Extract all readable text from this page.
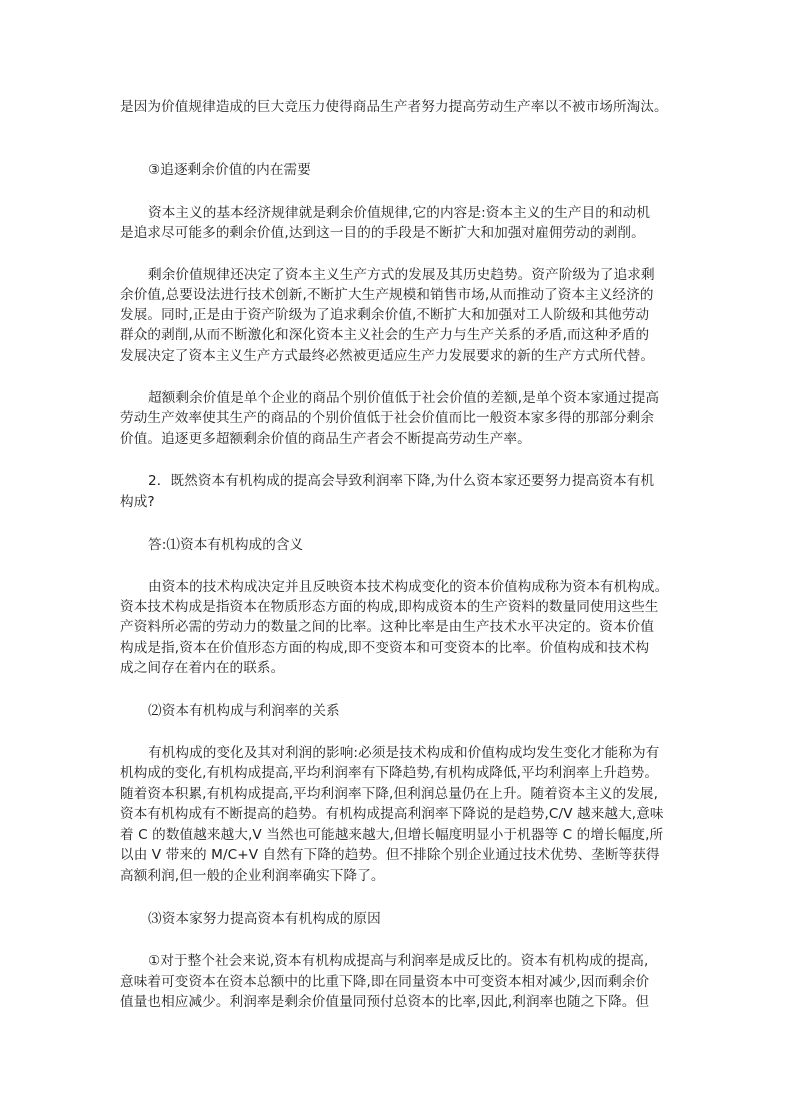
是因为价值规律造成的巨大竞压力使得商品生产者努力提高劳动生产率以不被市场所淘汰。
③追逐剩余价值的内在需要
资本主义的基本经济规律就是剩余价值规律,它的内容是:资本主义的生产目的和动机
是追求尽可能多的剩余价值,达到这一目的的手段是不断扩大和加强对雇佣劳动的剥削。
剩余价值规律还决定了资本主义生产方式的发展及其历史趋势。资产阶级为了追求剩
余价值,总要设法进行技术创新,不断扩大生产规模和销售市场,从而推动了资本主义经济的
发展。同时,正是由于资产阶级为了追求剩余价值,不断扩大和加强对工人阶级和其他劳动
群众的剥削,从而不断激化和深化资本主义社会的生产力与生产关系的矛盾,而这种矛盾的
发展决定了资本主义生产方式最终必然被更适应生产力发展要求的新的生产方式所代替。
超额剩余价值是单个企业的商品个别价值低于社会价值的差额,是单个资本家通过提高
劳动生产效率使其生产的商品的个别价值低于社会价值而比一般资本家多得的那部分剩余
价值。追逐更多超额剩余价值的商品生产者会不断提高劳动生产率。
2．既然资本有机构成的提高会导致利润率下降,为什么资本家还要努力提高资本有机
构成?
答:⑴资本有机构成的含义
由资本的技术构成决定并且反映资本技术构成变化的资本价值构成称为资本有机构成。
资本技术构成是指资本在物质形态方面的构成,即构成资本的生产资料的数量同使用这些生
产资料所必需的劳动力的数量之间的比率。这种比率是由生产技术水平决定的。资本价值
构成是指,资本在价值形态方面的构成,即不变资本和可变资本的比率。价值构成和技术构
成之间存在着内在的联系。
⑵资本有机构成与利润率的关系
有机构成的变化及其对利润的影响:必须是技术构成和价值构成均发生变化才能称为有
机构成的变化,有机构成提高,平均利润率有下降趋势,有机构成降低,平均利润率上升趋势。
随着资本积累,有机构成提高,平均利润率下降,但利润总量仍在上升。随着资本主义的发展,
资本有机构成有不断提高的趋势。有机构成提高利润率下降说的是趋势,C/V 越来越大,意味
着 C 的数值越来越大,V 当然也可能越来越大,但增长幅度明显小于机器等 C 的增长幅度,所
以由 V 带来的 M/C+V 自然有下降的趋势。但不排除个别企业通过技术优势、垄断等获得
高额利润,但一般的企业利润率确实下降了。
⑶资本家努力提高资本有机构成的原因
①对于整个社会来说,资本有机构成提高与利润率是成反比的。资本有机构成的提高,
意味着可变资本在资本总额中的比重下降,即在同量资本中可变资本相对减少,因而剩余价
值量也相应减少。利润率是剩余价值量同预付总资本的比率,因此,利润率也随之下降。但
